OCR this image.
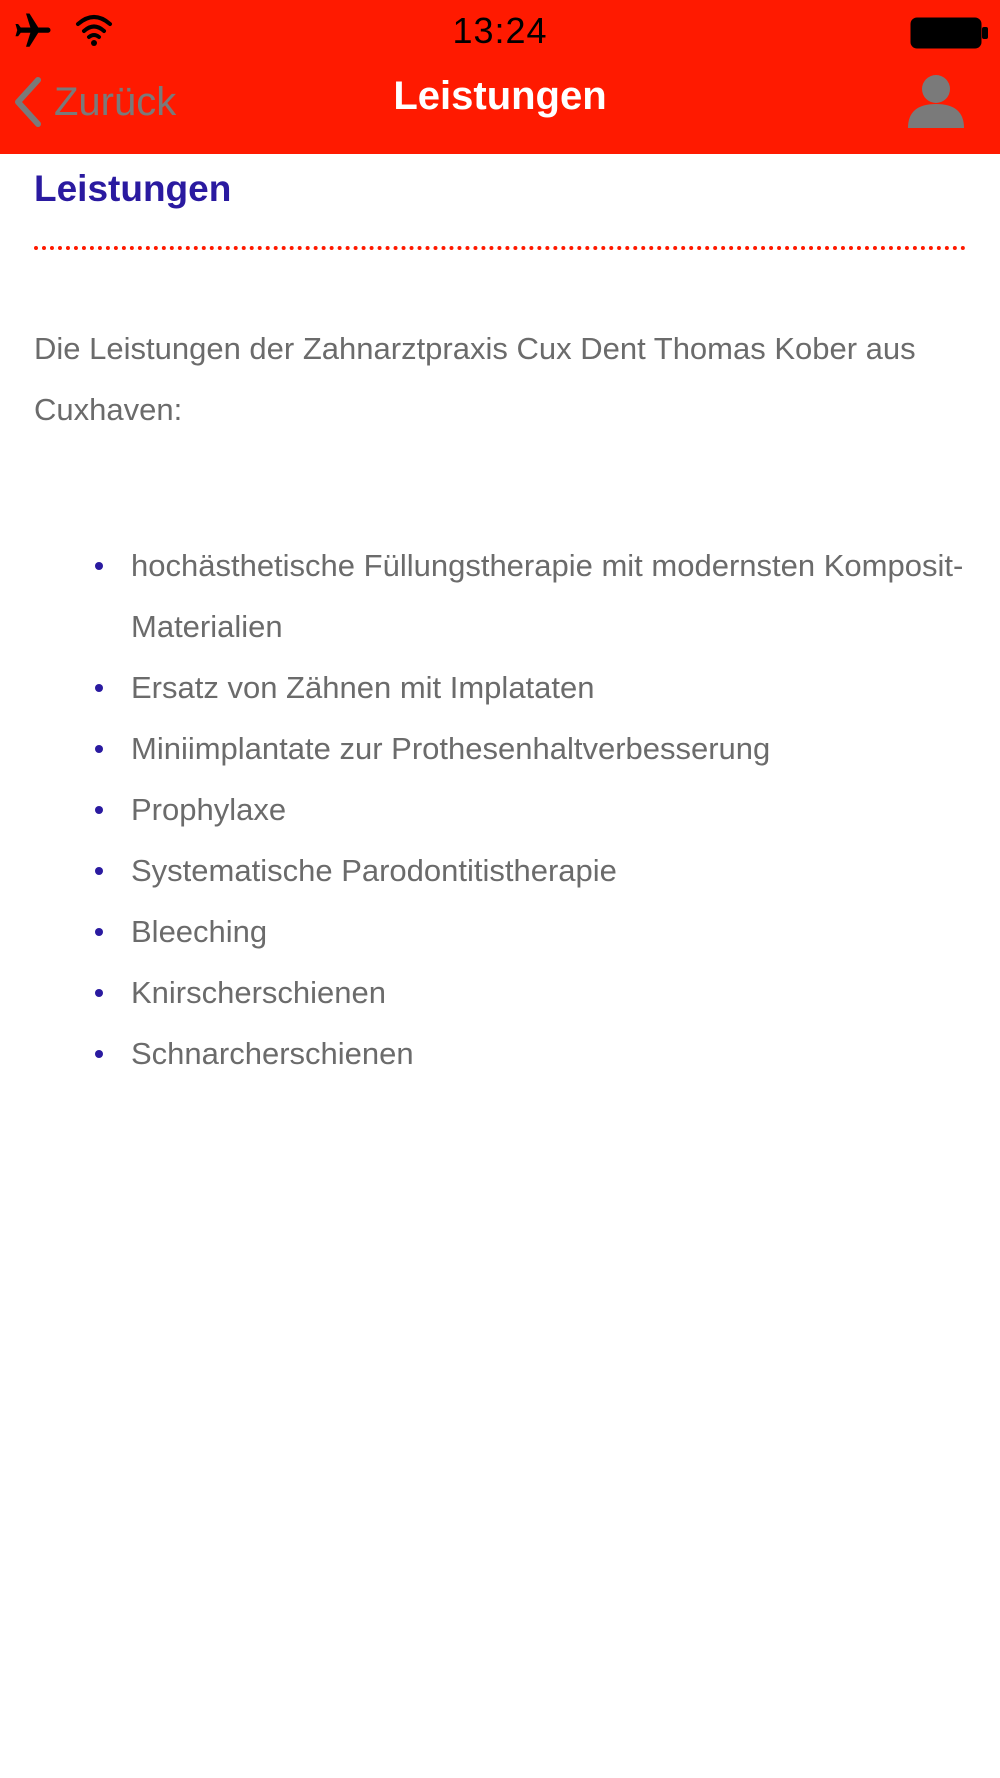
13:24
Zurück	Leistungen
Leistungen

Die Leistungen der Zahnarztpraxis Cux Dent Thomas Kober aus Cuxhaven:

hochästhetische Füllungstherapie mit modernsten Komposit-Materialien
Ersatz von Zähnen mit Implataten
Miniimplantate zur Prothesenhaltverbesserung
Prophylaxe
Systematische Parodontitistherapie
Bleeching
Knirscherschienen
Schnarcherschienen
